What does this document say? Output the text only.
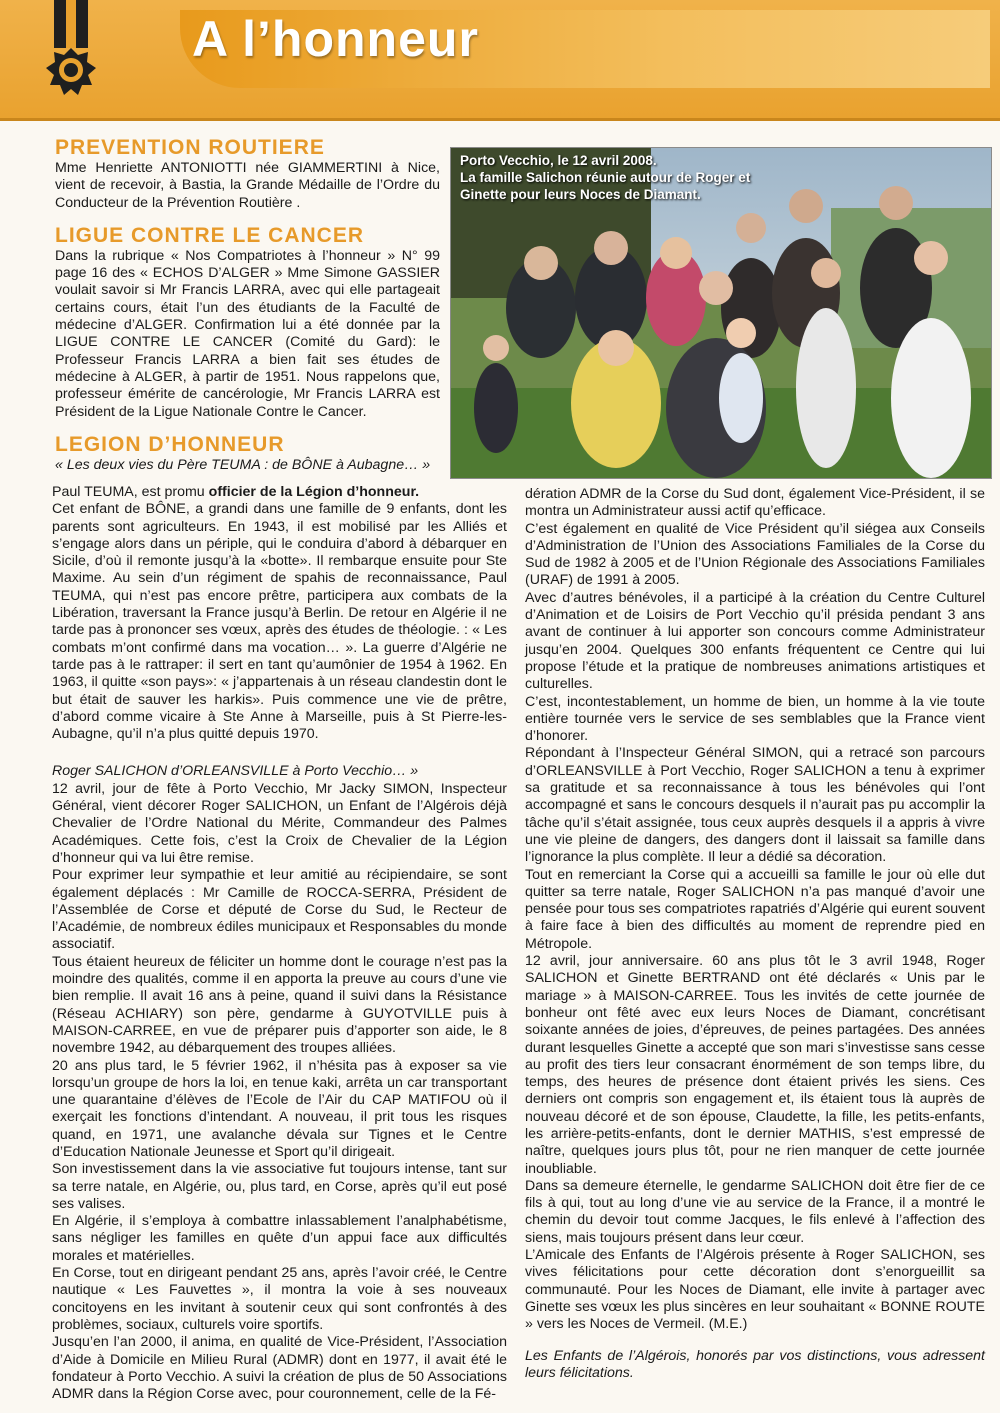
A l’honneur
PREVENTION ROUTIERE

Mme Henriette ANTONIOTTI née GIAMMERTINI à Nice, vient de recevoir, à Bastia, la Grande Médaille de l’Ordre du Conducteur de la Prévention Routière .

LIGUE CONTRE LE CANCER

Dans la rubrique « Nos Compatriotes à l’honneur » N° 99 page 16 des « ECHOS D’ALGER » Mme Simone GASSIER voulait savoir si Mr Francis LARRA, avec qui elle partageait certains cours, était l’un des étudiants de la Faculté de médecine d’ALGER. Confirmation lui a été donnée par la LIGUE CONTRE LE CANCER (Comité du Gard): le Professeur Francis LARRA a bien fait ses études de médecine à ALGER, à partir de 1951. Nous rappelons que, professeur émérite de cancérologie, Mr Francis LARRA est Président de la Ligue Nationale Contre le Cancer.

LEGION D’HONNEUR

« Les deux vies du Père TEUMA : de BÔNE à Aubagne… »

Porto Vecchio, le 12 avril 2008.
La famille Salichon réunie autour de Roger et Ginette pour leurs Noces de Diamant.

Paul TEUMA, est promu officier de la Légion d’honneur.

Cet enfant de BÔNE, a grandi dans une famille de 9 enfants, dont les parents sont agriculteurs. En 1943, il est mobilisé par les Alliés et s’engage alors dans un périple, qui le conduira d’abord à débarquer en Sicile, d’où il remonte jusqu’à la «botte». Il rembarque ensuite pour Ste Maxime. Au sein d’un régiment de spahis de reconnaissance, Paul TEUMA, qui n’est pas encore prêtre, participera aux combats de la Libération, traversant la France jusqu’à Berlin. De retour en Algérie il ne tarde pas à prononcer ses vœux, après des études de théologie. : « Les combats m’ont confirmé dans ma vocation… ». La guerre d’Algérie ne tarde pas à le rattraper: il sert en tant qu’aumônier de 1954 à 1962. En 1963, il quitte «son pays»: « j’appartenais à un réseau clandestin dont le but était de sauver les harkis». Puis commence une vie de prêtre, d’abord comme vicaire à Ste Anne à Marseille, puis à St Pierre-les-Aubagne, qu’il n’a plus quitté depuis 1970.

Roger SALICHON d’ORLEANSVILLE à Porto Vecchio… »

12 avril, jour de fête à Porto Vecchio, Mr Jacky SIMON, Inspecteur Général, vient décorer Roger SALICHON, un Enfant de l’Algérois déjà Chevalier de l’Ordre National du Mérite, Commandeur des Palmes Académiques. Cette fois, c’est la Croix de Chevalier de la Légion d’honneur qui va lui être remise.

Pour exprimer leur sympathie et leur amitié au récipiendaire, se sont également déplacés : Mr Camille de ROCCA-SERRA, Président de l’Assemblée de Corse et député de Corse du Sud, le Recteur de l’Académie, de nombreux édiles municipaux et Responsables du monde associatif.

Tous étaient heureux de féliciter un homme dont le courage n’est pas la moindre des qualités, comme il en apporta la preuve au cours d’une vie bien remplie. Il avait 16 ans à peine, quand il suivi dans la Résistance (Réseau ACHIARY) son père, gendarme à GUYOTVILLE puis à MAISON-CARREE, en vue de préparer puis d’apporter son aide, le 8 novembre 1942, au débarquement des troupes alliées.

20 ans plus tard, le 5 février 1962, il n’hésita pas à exposer sa vie lorsqu’un groupe de hors la loi, en tenue kaki, arrêta un car transportant une quarantaine d’élèves de l’Ecole de l’Air du CAP MATIFOU où il exerçait les fonctions d’intendant. A nouveau, il prit tous les risques quand, en 1971, une avalanche dévala sur Tignes et le Centre d’Education Nationale Jeunesse et Sport qu’il dirigeait.

Son investissement dans la vie associative fut toujours intense, tant sur sa terre natale, en Algérie, ou, plus tard, en Corse, après qu’il eut posé ses valises.

En Algérie, il s’employa à combattre inlassablement l’analphabétisme, sans négliger les familles en quête d’un appui face aux difficultés morales et matérielles.

En Corse, tout en dirigeant pendant 25 ans, après l’avoir créé, le Centre nautique « Les Fauvettes », il montra la voie à ses nouveaux concitoyens en les invitant à soutenir ceux qui sont confrontés à des problèmes, sociaux, culturels voire sportifs.

Jusqu’en l’an 2000, il anima, en qualité de Vice-Président, l’Association d’Aide à Domicile en Milieu Rural (ADMR) dont en 1977, il avait été le fondateur à Porto Vecchio. A suivi la création de plus de 50 Associations ADMR dans la Région Corse avec, pour couronnement, celle de la Fé-

dération ADMR de la Corse du Sud dont, également Vice-Président, il se montra un Administrateur aussi actif qu’efficace.

C’est également en qualité de Vice Président qu’il siégea aux Conseils d’Administration de l’Union des Associations Familiales de la Corse du Sud de 1982 à 2005 et de l’Union Régionale des Associations Familiales (URAF) de 1991 à 2005.

Avec d’autres bénévoles, il a participé à la création du Centre Culturel d’Animation et de Loisirs de Port Vecchio qu’il présida pendant 3 ans avant de continuer à lui apporter son concours comme Administrateur jusqu’en 2004. Quelques 300 enfants fréquentent ce Centre qui lui propose l’étude et la pratique de nombreuses animations artistiques et culturelles.

C’est, incontestablement, un homme de bien, un homme à la vie toute entière tournée vers le service de ses semblables que la France vient d’honorer.

Répondant à l’Inspecteur Général SIMON, qui a retracé son parcours d’ORLEANSVILLE à Port Vecchio, Roger SALICHON a tenu à exprimer sa gratitude et sa reconnaissance à tous les bénévoles qui l’ont accompagné et sans le concours desquels il n’aurait pas pu accomplir la tâche qu’il s’était assignée, tous ceux auprès desquels il a appris à vivre une vie pleine de dangers, des dangers dont il laissait sa famille dans l’ignorance la plus complète. Il leur a dédié sa décoration.

Tout en remerciant la Corse qui a accueilli sa famille le jour où elle dut quitter sa terre natale, Roger SALICHON n’a pas manqué d’avoir une pensée pour tous ses compatriotes rapatriés d’Algérie qui eurent souvent à faire face à bien des difficultés au moment de reprendre pied en Métropole.

12 avril, jour anniversaire. 60 ans plus tôt le 3 avril 1948, Roger SALICHON et Ginette BERTRAND ont été déclarés « Unis par le mariage » à MAISON-CARREE. Tous les invités de cette journée de bonheur ont fêté avec eux leurs Noces de Diamant, concrétisant soixante années de joies, d’épreuves, de peines partagées. Des années durant lesquelles Ginette a accepté que son mari s’investisse sans cesse au profit des tiers leur consacrant énormément de son temps libre, du temps, des heures de présence dont étaient privés les siens. Ces derniers ont compris son engagement et, ils étaient tous là auprès de nouveau décoré et de son épouse, Claudette, la fille, les petits-enfants, les arrière-petits-enfants, dont le dernier MATHIS, s’est empressé de naître, quelques jours plus tôt, pour ne rien manquer de cette journée inoubliable.

Dans sa demeure éternelle, le gendarme SALICHON doit être fier de ce fils à qui, tout au long d’une vie au service de la France, il a montré le chemin du devoir tout comme Jacques, le fils enlevé à l’affection des siens, mais toujours présent dans leur cœur.

L’Amicale des Enfants de l’Algérois présente à Roger SALICHON, ses vives félicitations pour cette décoration dont s’enorgueillit sa communauté. Pour les Noces de Diamant, elle invite à partager avec Ginette ses vœux les plus sincères en leur souhaitant « BONNE ROUTE » vers les Noces de Vermeil. (M.E.)

Les Enfants de l’Algérois, honorés par vos distinctions, vous adressent leurs félicitations.
